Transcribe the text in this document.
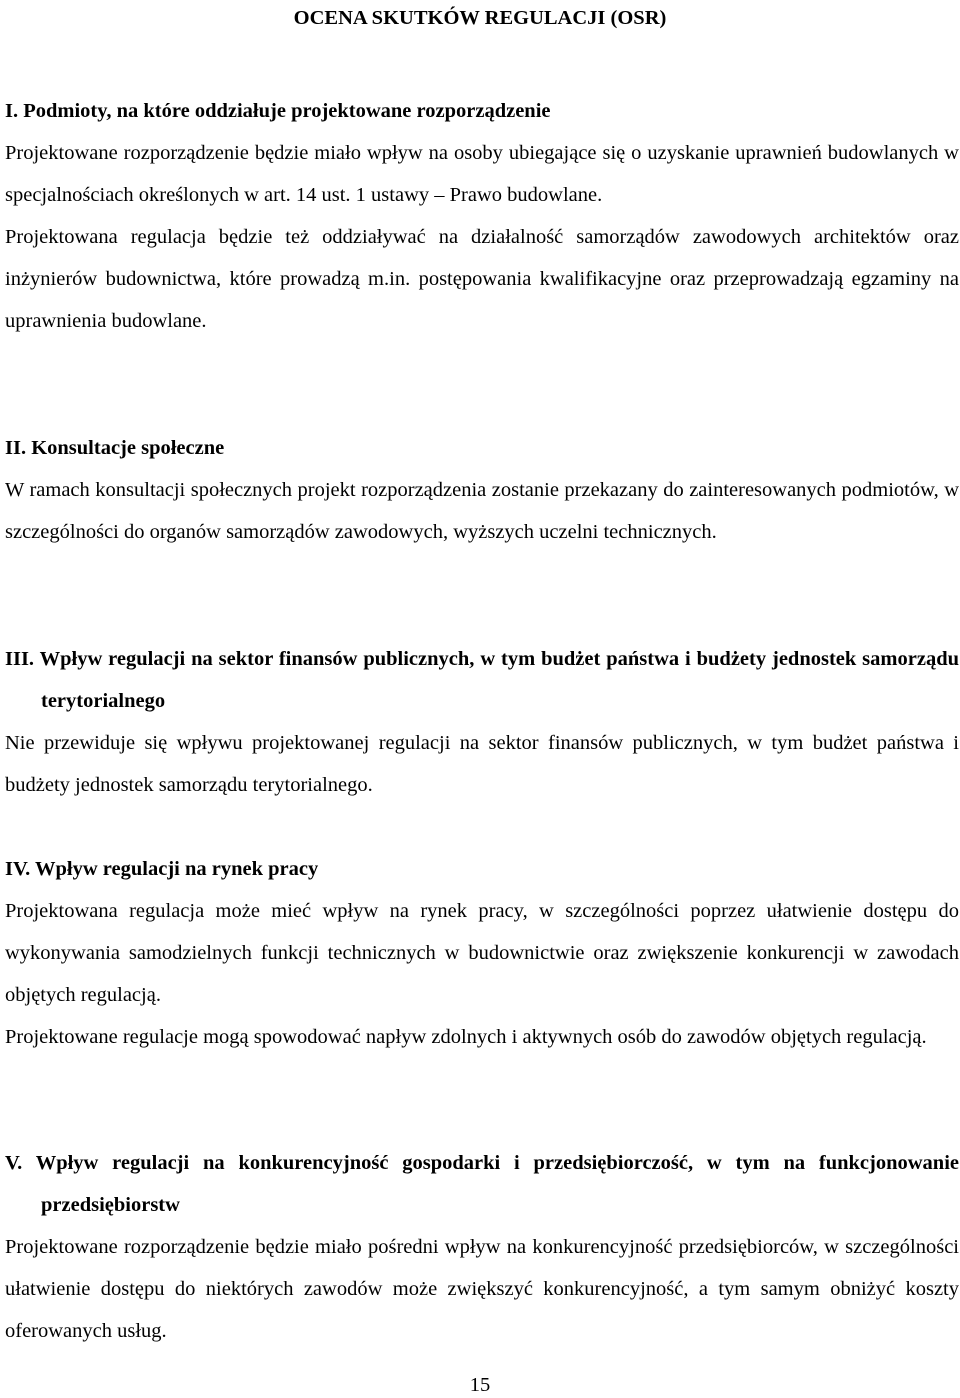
OCENA SKUTKÓW REGULACJI (OSR)
I. Podmioty, na które oddziałuje projektowane rozporządzenie

Projektowane rozporządzenie będzie miało wpływ na osoby ubiegające się o uzyskanie uprawnień budowlanych w specjalnościach określonych w art. 14 ust. 1 ustawy – Prawo budowlane.

Projektowana regulacja będzie też oddziaływać na działalność samorządów zawodowych architektów oraz inżynierów budownictwa, które prowadzą m.in. postępowania kwalifikacyjne oraz przeprowadzają egzaminy na uprawnienia budowlane.

II. Konsultacje społeczne

W ramach konsultacji społecznych projekt rozporządzenia zostanie przekazany do zainteresowanych podmiotów, w szczególności do organów samorządów zawodowych, wyższych uczelni technicznych.

III. Wpływ regulacji na sektor finansów publicznych, w tym budżet państwa i budżety jednostek samorządu terytorialnego

Nie przewiduje się wpływu projektowanej regulacji na sektor finansów publicznych, w tym budżet państwa i budżety jednostek samorządu terytorialnego.

IV. Wpływ regulacji na rynek pracy

Projektowana regulacja może mieć wpływ na rynek pracy, w szczególności poprzez ułatwienie dostępu do wykonywania samodzielnych funkcji technicznych w budownictwie oraz zwiększenie konkurencji w zawodach objętych regulacją.

Projektowane regulacje mogą spowodować napływ zdolnych i aktywnych osób do zawodów objętych regulacją.

V. Wpływ regulacji na konkurencyjność gospodarki i przedsiębiorczość, w tym na funkcjonowanie przedsiębiorstw

Projektowane rozporządzenie będzie miało pośredni wpływ na konkurencyjność przedsiębiorców, w szczególności ułatwienie dostępu do niektórych zawodów może zwiększyć konkurencyjność, a tym samym obniżyć koszty oferowanych usług.

15
